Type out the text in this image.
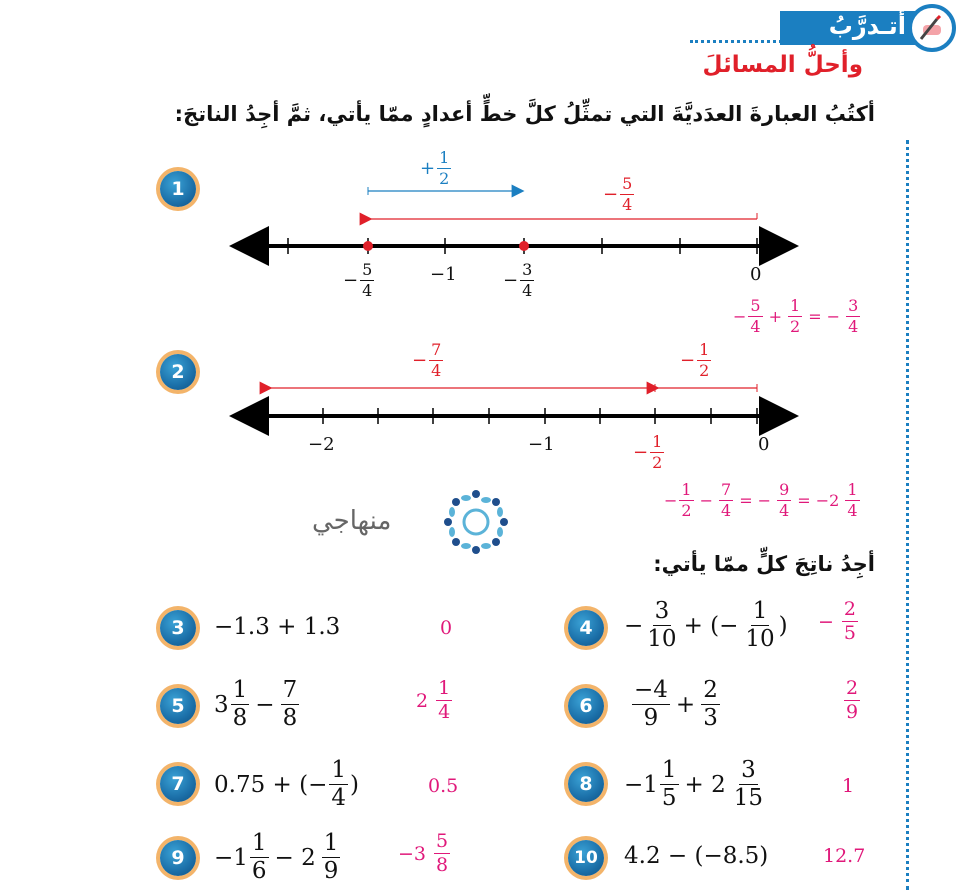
أتـدرَّبُ
وأحلُّ المسائلَ
أكتُبُ العبارةَ العدَديَّةَ التي تمثِّلُ كلَّ خطٍّ أعدادٍ ممّا يأتي، ثمَّ أجِدُ الناتجَ:
1
+ $\frac{1}{2}$
− $\frac{5}{4}$
− $\frac{5}{4}$	−1	− $\frac{3}{4}$	0
− $\frac{5}{4} + \frac{1}{2}$ = − $\frac{3}{4}$
2
− $\frac{7}{4}$	− $\frac{1}{2}$
−2	−1	0
− $\frac{1}{2}$
− $\frac{1}{2} - \frac{7}{4}$ = − $\frac{9}{4} = -2 \frac{1}{4}$
منهاجي
أجِدُ ناتِجَ كلٍّ ممّا يأتي:
3	−1.3 + 1.3	0	4	− $\frac{3}{10}$ + (− $\frac{1}{10}$ ) − $\frac{2}{5}$
5	$3 \frac{1}{8} - \frac{7}{8}$	$2 \frac{1}{4}$	6	$\frac{-4}{9} + \frac{2}{3}$	$\frac{2}{9}$
7	0.75 + (− $\frac{1}{4}$ )	0.5	8	$-1 \frac{1}{5} + 2 \frac{3}{15}$	1
9	$-1 \frac{1}{6} - 2 \frac{1}{9}$	$-3 \frac{5}{8}$	10 4.2 − (−8.5)	12.7
